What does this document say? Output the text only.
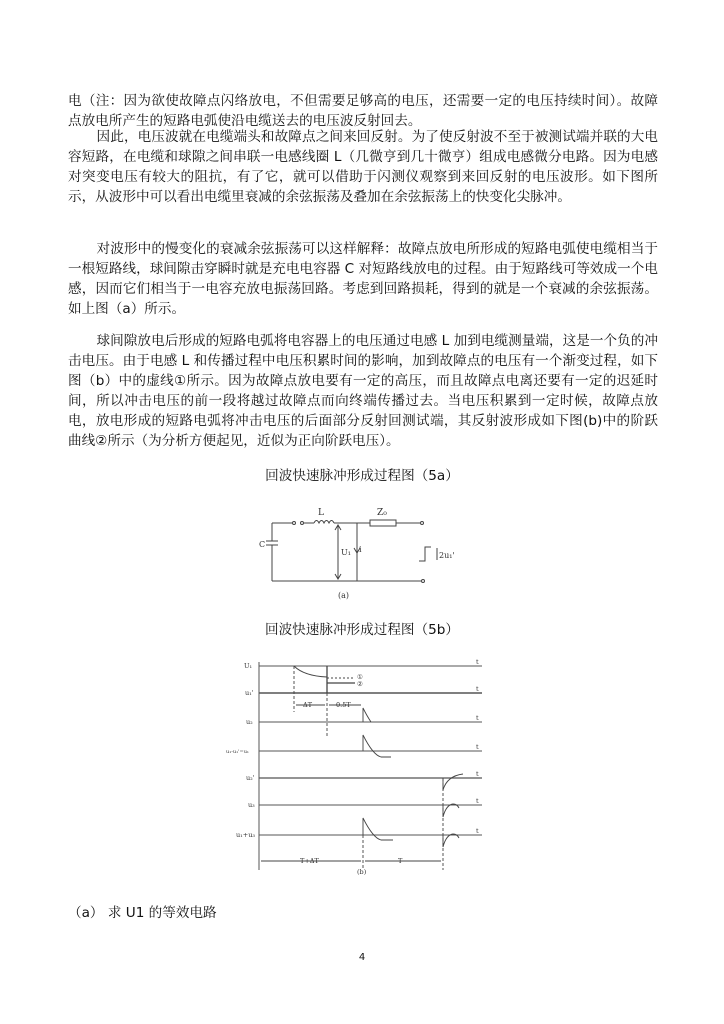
电（注：因为欲使故障点闪络放电，不但需要足够高的电压，还需要一定的电压持续时间）。故障点放电所产生的短路电弧使沿电缆送去的电压波反射回去。

因此，电压波就在电缆端头和故障点之间来回反射。为了使反射波不至于被测试端并联的大电容短路，在电缆和球隙之间串联一电感线圈 L（几微亨到几十微亨）组成电感微分电路。因为电感对突变电压有较大的阻抗，有了它，就可以借助于闪测仪观察到来回反射的电压波形。如下图所示，从波形中可以看出电缆里衰减的余弦振荡及叠加在余弦振荡上的快变化尖脉冲。

对波形中的慢变化的衰减余弦振荡可以这样解释：故障点放电所形成的短路电弧使电缆相当于一根短路线，球间隙击穿瞬时就是充电电容器 C 对短路线放电的过程。由于短路线可等效成一个电感，因而它们相当于一电容充放电振荡回路。考虑到回路损耗，得到的就是一个衰减的余弦振荡。如上图（a）所示。

球间隙放电后形成的短路电弧将电容器上的电压通过电感 L 加到电缆测量端，这是一个负的冲击电压。由于电感 L 和传播过程中电压积累时间的影响，加到故障点的电压有一个渐变过程，如下图（b）中的虚线①所示。因为故障点放电要有一定的高压，而且故障点电离还要有一定的迟延时间，所以冲击电压的前一段将越过故障点而向终端传播过去。当电压积累到一定时候，故障点放电，放电形成的短路电弧将冲击电压的后面部分反射回测试端，其反射波形成如下图(b)中的阶跃曲线②所示（为分析方便起见，近似为正向阶跃电压）。

回波快速脉冲形成过程图（5a）
L	Z₀
C
U₁ i
2u₁'
(a)
U₁
u₁'
u₂
u₁-u₁'=u₁
u₂'
u₃
u₁+u₃
t
t
t
t
t
t
t
①
②
ΔT	0.5T
T+ΔT	T
(b)
回波快速脉冲形成过程图（5b）
（a） 求 U1 的等效电路
4
